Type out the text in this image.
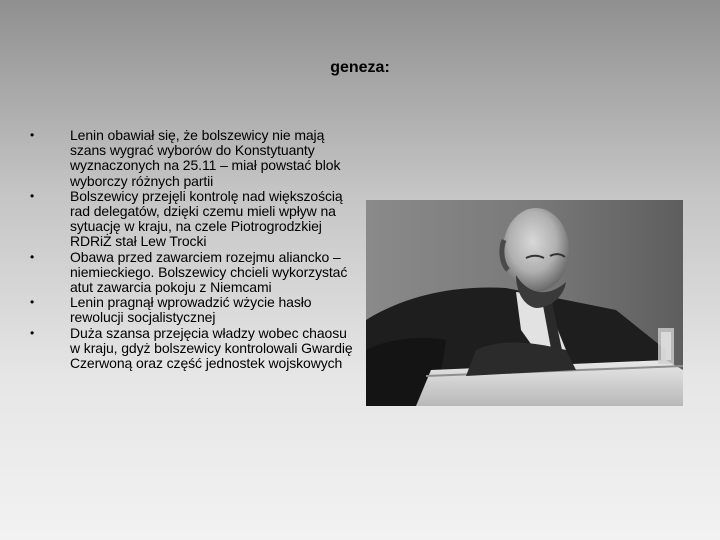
geneza:
•	Lenin obawiał się, że bolszewicy nie mają szans wygrać wyborów do Konstytuanty wyznaczonych na 25.11 – miał powstać blok wyborczy różnych partii
•	Bolszewicy przejęli kontrolę nad większością rad delegatów, dzięki czemu mieli wpływ na sytuację w kraju, na czele Piotrogrodzkiej RDRiŻ stał Lew Trocki
•	Obawa przed zawarciem rozejmu aliancko – niemieckiego. Bolszewicy chcieli wykorzystać atut zawarcia pokoju z Niemcami
•	Lenin pragnął wprowadzić wżycie hasło rewolucji socjalistycznej
•	Duża szansa przejęcia władzy wobec chaosu w kraju, gdyż bolszewicy kontrolowali Gwardię Czerwoną oraz część jednostek wojskowych
